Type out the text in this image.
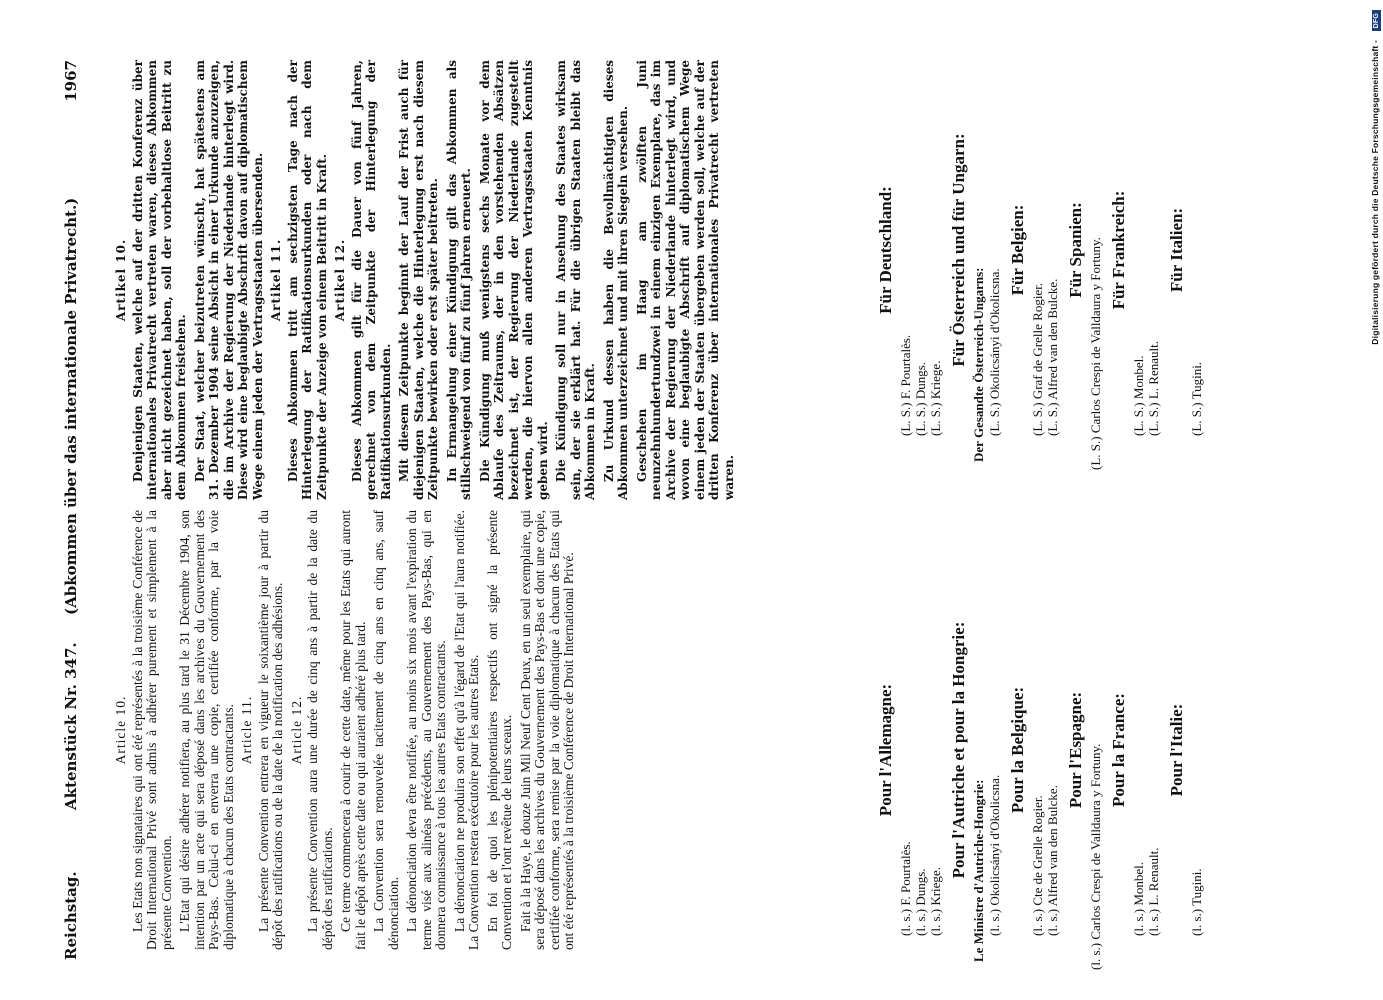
Reichstag.
Aktenstück Nr. 347.
(Abkommen über das internationale Privatrecht.)
1967

Article 10. Les Etats non signataires qui ont été représentés à la troisième Conférence de Droit International Privé sont admis à adhérer purement et simplement à la présente Convention. L'Etat qui désire adhérer notifiera, au plus tard le 31 Décembre 1904, son intention par un acte qui sera déposé dans les archives du Gouvernement des Pays-Bas. Celui-ci en enverra une copie, certifiée conforme, par la voie diplomatique à chacun des Etats contractants. Article 11. La présente Convention entrera en vigueur le soixantième jour à partir du dépôt des ratifications ou de la date de la notification des adhésions. Article 12. La présente Convention aura une durée de cinq ans à partir de la date du dépôt des ratifications. Ce terme commencera à courir de cette date, même pour les Etats qui auront fait le dépôt après cette date ou qui auraient adhéré plus tard. La Convention sera renouvelée tacitement de cinq ans en cinq ans, sauf dénonciation. La dénonciation devra être notifiée, au moins six mois avant l'expiration du terme visé aux alinéas précédents, au Gouvernement des Pays-Bas, qui en donnera connaissance à tous les autres Etats contractants. La dénonciation ne produira son effet qu'à l'égard de l'Etat qui l'aura notifiée. La Convention restera exécutoire pour les autres Etats. En foi de quoi les plénipotentiaires respectifs ont signé la présente Convention et l'ont revêtue de leurs sceaux. Fait à la Haye, le douze Juin Mil Neuf Cent Deux, en un seul exemplaire, qui sera déposé dans les archives du Gouvernement des Pays-Bas et dont une copie, certifiée conforme, sera remise par la voie diplomatique à chacun des Etats qui ont été représentés à la troisième Conférence de Droit International Privé.

Artikel 10. Denjenigen Staaten, welche auf der dritten Konferenz über internationales Privatrecht vertreten waren, dieses Abkommen aber nicht gezeichnet haben, soll der vorbehaltlose Beitritt zu dem Abkommen freistehen. Der Staat, welcher beizutreten wünscht, hat spätestens am 31. Dezember 1904 seine Absicht in einer Urkunde anzuzeigen, die im Archive der Regierung der Niederlande hinterlegt wird. Diese wird eine beglaubigte Abschrift davon auf diplomatischem Wege einem jeden der Vertragsstaaten übersenden. Artikel 11. Dieses Abkommen tritt am sechzigsten Tage nach der Hinterlegung der Ratifikationsurkunden oder nach dem Zeitpunkte der Anzeige von einem Beitritt in Kraft. Artikel 12. Dieses Abkommen gilt für die Dauer von fünf Jahren, gerechnet von dem Zeitpunkte der Hinterlegung der Ratifikationsurkunden. Mit diesem Zeitpunkte beginnt der Lauf der Frist auch für diejenigen Staaten, welche die Hinterlegung erst nach diesem Zeitpunkte bewirken oder erst später beitreten. In Ermangelung einer Kündigung gilt das Abkommen als stillschweigend von fünf zu fünf Jahren erneuert. Die Kündigung muß wenigstens sechs Monate vor dem Ablaufe des Zeitraums, der in den vorstehenden Absätzen bezeichnet ist, der Regierung der Niederlande zugestellt werden, die hiervon allen anderen Vertragsstaaten Kenntnis geben wird. Die Kündigung soll nur in Ansehung des Staates wirksam sein, der sie erklärt hat. Für die übrigen Staaten bleibt das Abkommen in Kraft. Zu Urkund dessen haben die Bevollmächtigten dieses Abkommen unterzeichnet und mit ihren Siegeln versehen. Geschehen im Haag am zwölften Juni neunzehnhundertundzwei in einem einzigen Exemplare, das im Archive der Regierung der Niederlande hinterlegt wird, und wovon eine beglaubigte Abschrift auf diplomatischem Wege einem jeden der Staaten übergeben werden soll, welche auf der dritten Konferenz über internationales Privatrecht vertreten waren.

Pour l'Allemagne:
(l. s.) F. Pourtalès. (l. s.) Dungs. (l. s.) Kriege.
Pour l'Autriche et pour la Hongrie: Le Ministre d'Autriche-Hongrie: (l. s.) Okolicsányi d'Okolicsna.
Pour la Belgique:
(l. s.) Cte de Grelle Rogier. (l. s.) Alfred van den Bulcke.
Pour l'Espagne: (l. s.) Carlos Crespi de Valldaura y Fortuny. Pour la France:
(l. s.) Monbel. (l. s.) L. Renault.
Pour l'Italie:
(l. s.) Tugini.
Für Deutschland:
(L. S.) F. Pourtalès. (L. S.) Dungs. (L. S.) Kriege.
Für Österreich und für Ungarn: Der Gesandte Österreich-Ungarns: (L. S.) Okolicsányi d'Okolicsna.
Für Belgien:
(L. S.) Graf de Grelle Rogier. (L. S.) Alfred van den Bulcke.
Für Spanien: (L. S.) Carlos Crespi de Valldaura y Fortuny. Für Frankreich:
(L. S.) Monbel. (L. S.) L. Renault.
Für Italien:
(L. S.) Tugini.
Digitalisierung gefördert durch die Deutsche Forschungsgemeinschaft - DFG
